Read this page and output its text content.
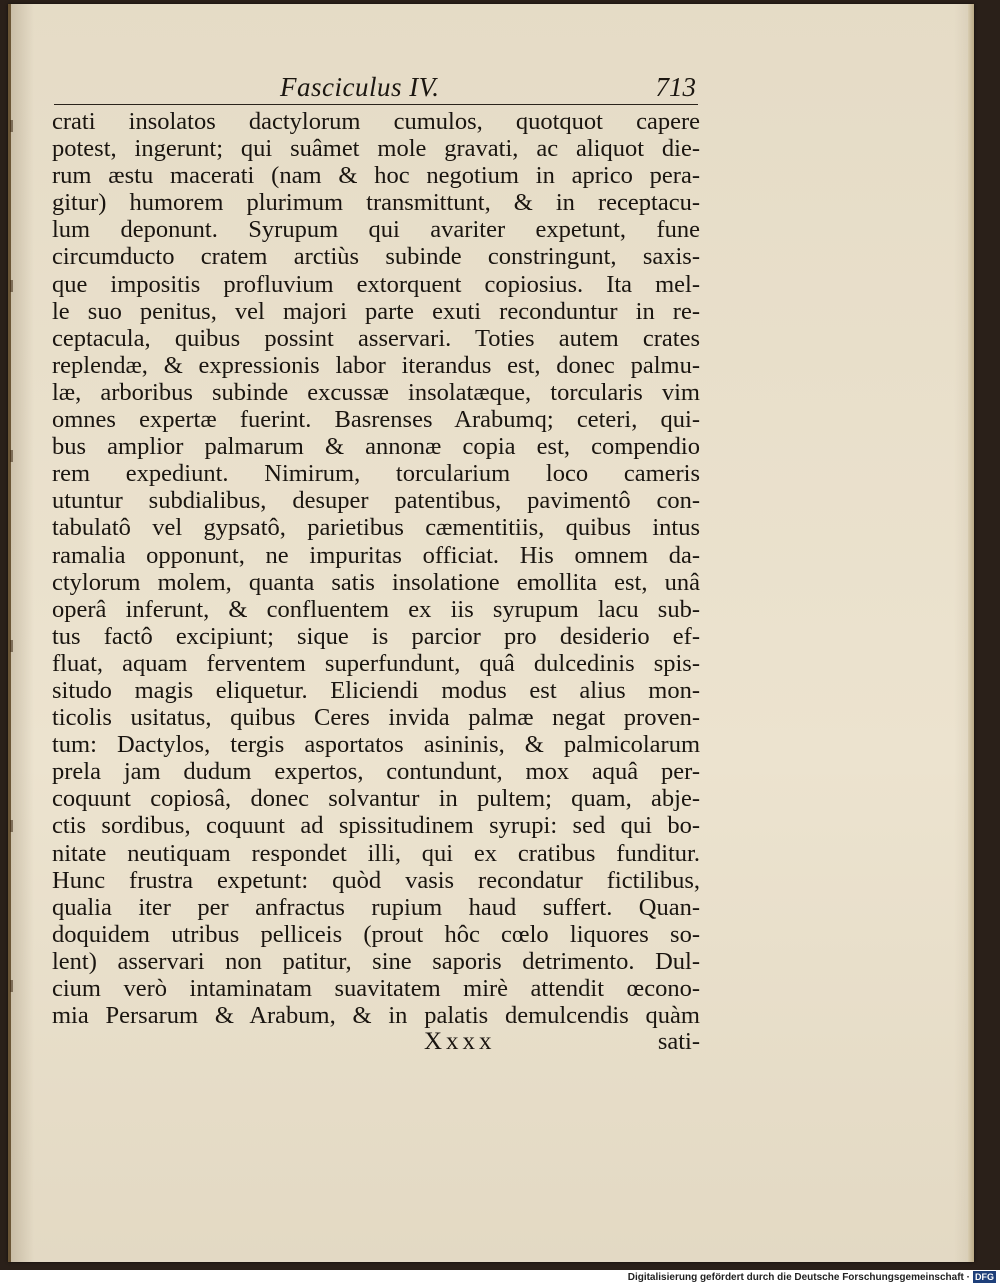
Fasciculus IV.	713
crati insolatos dactylorum cumulos, quotquot capere
potest, ingerunt; qui suâmet mole gravati, ac aliquot die-
rum æstu macerati (nam & hoc negotium in aprico pera-
gitur) humorem plurimum transmittunt, & in receptacu-
lum deponunt. Syrupum qui avariter expetunt, fune
circumducto cratem arctiùs subinde constringunt, saxis-
que impositis profluvium extorquent copiosius. Ita mel-
le suo penitus, vel majori parte exuti reconduntur in re-
ceptacula, quibus possint asservari. Toties autem crates
replendæ, & expressionis labor iterandus est, donec palmu-
læ, arboribus subinde excussæ insolatæque, torcularis vim
omnes expertæ fuerint. Basrenses Arabumq; ceteri, qui-
bus amplior palmarum & annonæ copia est, compendio
rem expediunt. Nimirum, torcularium loco cameris
utuntur subdialibus, desuper patentibus, pavimentô con-
tabulatô vel gypsatô, parietibus cæmentitiis, quibus intus
ramalia opponunt, ne impuritas officiat. His omnem da-
ctylorum molem, quanta satis insolatione emollita est, unâ
operâ inferunt, & confluentem ex iis syrupum lacu sub-
tus factô excipiunt; sique is parcior pro desiderio ef-
fluat, aquam ferventem superfundunt, quâ dulcedinis spis-
situdo magis eliquetur. Eliciendi modus est alius mon-
ticolis usitatus, quibus Ceres invida palmæ negat proven-
tum: Dactylos, tergis asportatos asininis, & palmicolarum
prela jam dudum expertos, contundunt, mox aquâ per-
coquunt copiosâ, donec solvantur in pultem; quam, abje-
ctis sordibus, coquunt ad spissitudinem syrupi: sed qui bo-
nitate neutiquam respondet illi, qui ex cratibus funditur.
Hunc frustra expetunt: quòd vasis recondatur fictilibus,
qualia iter per anfractus rupium haud suffert. Quan-
doquidem utribus pelliceis (prout hôc cœlo liquores so-
lent) asservari non patitur, sine saporis detrimento. Dul-
cium verò intaminatam suavitatem mirè attendit œcono-
mia Persarum & Arabum, & in palatis demulcendis quàm
Xxxx	sati-
Digitalisierung gefördert durch die Deutsche Forschungsgemeinschaft · DFG
